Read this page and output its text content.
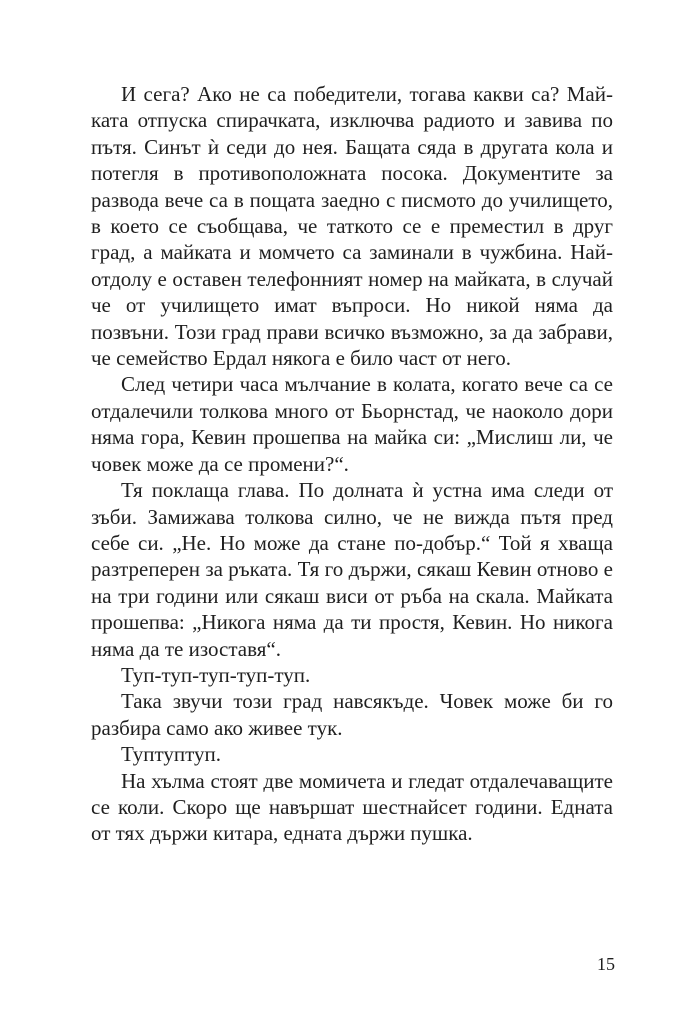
И сега? Ако не са победители, тогава какви са? Майката отпуска спирачката, изключва радиото и завива по пътя. Синът ѝ седи до нея. Бащата сяда в другата кола и потегля в противоположната посока. Документите за развода вече са в пощата заедно с писмото до училището, в което се съобщава, че таткото се е преместил в друг град, а майката и момчето са заминали в чужбина. Най-отдолу е оставен телефонният номер на майката, в случай че от училището имат въпроси. Но никой няма да позвъни. Този град прави всичко възможно, за да забрави, че семейство Ердал някога е било част от него.

След четири часа мълчание в колата, когато вече са се отдалечили толкова много от Бьорнстад, че наоколо дори няма гора, Кевин прошепва на майка си: „Мислиш ли, че човек може да се промени?“.

Тя поклаща глава. По долната ѝ устна има следи от зъби. Замижава толкова силно, че не вижда пътя пред себе си. „Не. Но може да стане по-добър.“ Той я хваща разтреперен за ръката. Тя го държи, сякаш Кевин отново е на три години или сякаш виси от ръба на скала. Майката прошепва: „Никога няма да ти простя, Кевин. Но никога няма да те изоставя“.

Туп-туп-туп-туп-туп.

Така звучи този град навсякъде. Човек може би го разбира само ако живее тук.

Туптуптуп.

На хълма стоят две момичета и гледат отдалечаващите се коли. Скоро ще навършат шестнайсет години. Едната от тях държи китара, едната държи пушка.

15
